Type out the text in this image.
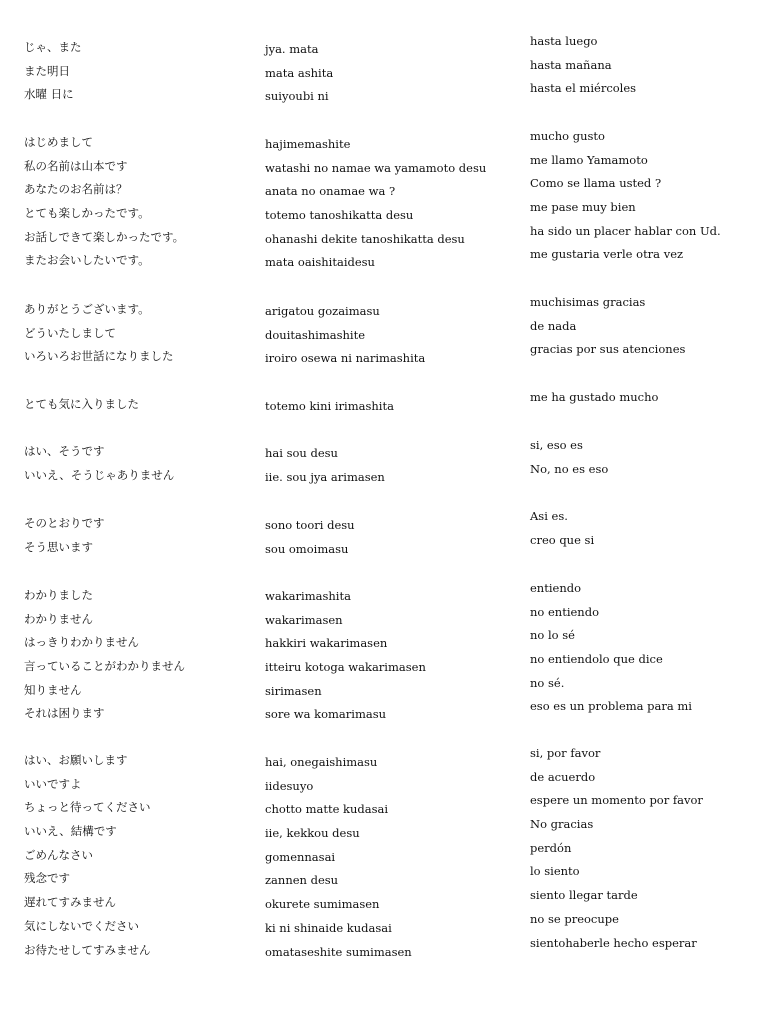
じゃ、また
また明日
水曜 日に
はじめまして
私の名前は山本です
あなたのお名前は？
とても楽しかったです。
お話しできて楽しかったです。
またお会いしたいです。
ありがとうございます。
どういたしまして
いろいろお世話になりました
とても気に入りました
はい、そうです
いいえ、そうじゃありません
そのとおりです
そう思います
わかりました
わかりません
はっきりわかりません
言っていることがわかりません
知りません
それは困ります
はい、お願いします
いいですよ
ちょっと待ってください
いいえ、結構です
ごめんなさい
残念です
遅れてすみません
気にしないでください
お待たせしてすみません
jya. mata
mata ashita
suiyoubi ni
hajimemashite
watashi no namae wa yamamoto desu
anata no onamae wa ?
totemo tanoshikatta desu
ohanashi dekite tanoshikatta desu
mata oaishitaidesu
arigatou gozaimasu
douitashimashite
iroiro osewa ni narimashita
totemo kini irimashita
hai sou desu
iie. sou jya arimasen
sono toori desu
sou omoimasu
wakarimashita
wakarimasen
hakkiri wakarimasen
itteiru kotoga wakarimasen
sirimasen
sore wa komarimasu
hai, onegaishimasu
iidesuyo
chotto matte kudasai
iie, kekkou desu
gomennasai
zannen desu
okurete sumimasen
ki ni shinaide kudasai
omataseshite sumimasen
hasta luego
hasta mañana
hasta el miércoles
mucho gusto
me llamo Yamamoto
Como se llama usted ?
me pase muy bien
ha sido un placer hablar con Ud.
me gustaria verle otra vez
muchisimas gracias
de nada
gracias por sus atenciones
me ha gustado mucho
si, eso es
No, no es eso
Asi es.
creo que si
entiendo
no entiendo
no lo sé
no entiendolo que dice
no sé.
eso es un problema para mi
si, por favor
de acuerdo
espere un momento por favor
No gracias
perdón
lo siento
siento llegar tarde
no se preocupe
sientohaberle hecho esperar
